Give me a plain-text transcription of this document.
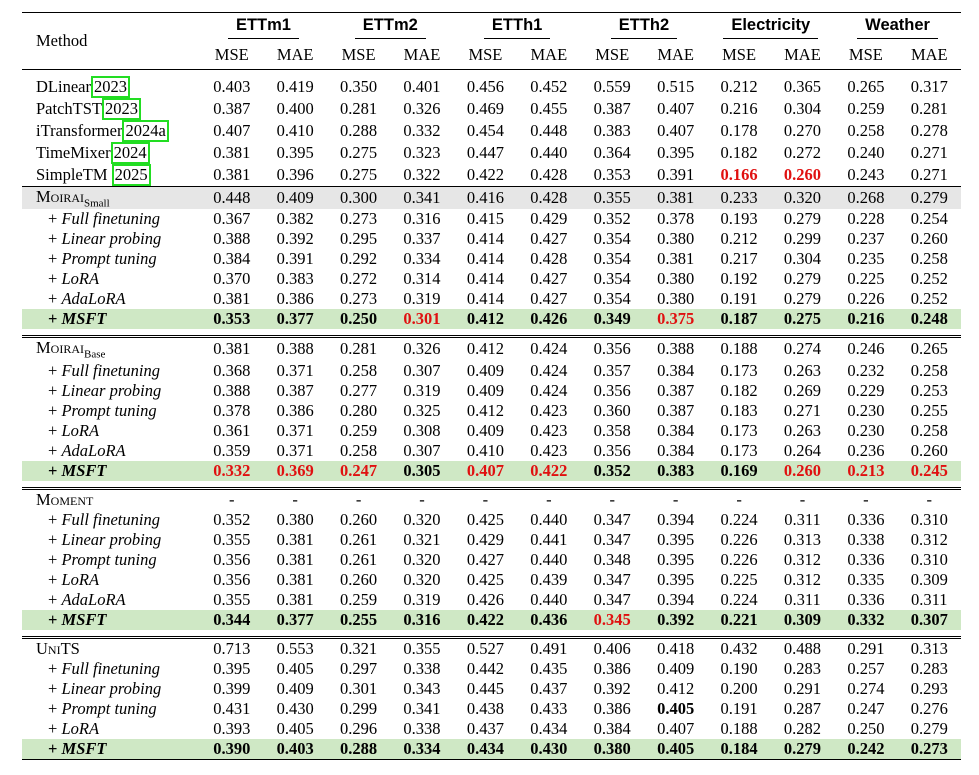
Method	ETTm1		ETTm2		ETTh1		ETTh2		Electricity		Weather	
	MSE	MAE	MSE	MAE	MSE	MAE	MSE	MAE	MSE	MAE	MSE	MAE

DLinear 2023	0.403	0.419	0.350	0.401	0.456	0.452	0.559	0.515	0.212	0.365	0.265	0.317
PatchTST 2023	0.387	0.400	0.281	0.326	0.469	0.455	0.387	0.407	0.216	0.304	0.259	0.281
iTransformer 2024a	0.407	0.410	0.288	0.332	0.454	0.448	0.383	0.407	0.178	0.270	0.258	0.278
TimeMixer 2024	0.381	0.395	0.275	0.323	0.447	0.440	0.364	0.395	0.182	0.272	0.240	0.271
SimpleTM 2025	0.381	0.396	0.275	0.322	0.422	0.428	0.353	0.391	0.166	0.260	0.243	0.271
Moirai$_{Small}$	0.448	0.409	0.300	0.341	0.416	0.428	0.355	0.381	0.233	0.320	0.268	0.279
+ Full finetuning	0.367	0.382	0.273	0.316	0.415	0.429	0.352	0.378	0.193	0.279	0.228	0.254
+ Linear probing	0.388	0.392	0.295	0.337	0.414	0.427	0.354	0.380	0.212	0.299	0.237	0.260
+ Prompt tuning	0.384	0.391	0.292	0.334	0.414	0.428	0.354	0.381	0.217	0.304	0.235	0.258
+ LoRA	0.370	0.383	0.272	0.314	0.414	0.427	0.354	0.380	0.192	0.279	0.225	0.252
+ AdaLoRA	0.381	0.386	0.273	0.319	0.414	0.427	0.354	0.380	0.191	0.279	0.226	0.252
+ MSFT	0.353	0.377	0.250	0.301	0.412	0.426	0.349	0.375	0.187	0.275	0.216	0.248

Moirai$_{Base}$	0.381	0.388	0.281	0.326	0.412	0.424	0.356	0.388	0.188	0.274	0.246	0.265
+ Full finetuning	0.368	0.371	0.258	0.307	0.409	0.424	0.357	0.384	0.173	0.263	0.232	0.258
+ Linear probing	0.388	0.387	0.277	0.319	0.409	0.424	0.356	0.387	0.182	0.269	0.229	0.253
+ Prompt tuning	0.378	0.386	0.280	0.325	0.412	0.423	0.360	0.387	0.183	0.271	0.230	0.255
+ LoRA	0.361	0.371	0.259	0.308	0.409	0.423	0.358	0.384	0.173	0.263	0.230	0.258
+ AdaLoRA	0.359	0.371	0.258	0.307	0.410	0.423	0.356	0.384	0.173	0.264	0.236	0.260
+ MSFT	0.332	0.369	0.247	0.305	0.407	0.422	0.352	0.383	0.169	0.260	0.213	0.245

Moment	-	-	-	-	-	-	-	-	-	-	-	-
+ Full finetuning	0.352	0.380	0.260	0.320	0.425	0.440	0.347	0.394	0.224	0.311	0.336	0.310
+ Linear probing	0.355	0.381	0.261	0.321	0.429	0.441	0.347	0.395	0.226	0.313	0.338	0.312
+ Prompt tuning	0.356	0.381	0.261	0.320	0.427	0.440	0.348	0.395	0.226	0.312	0.336	0.310
+ LoRA	0.356	0.381	0.260	0.320	0.425	0.439	0.347	0.395	0.225	0.312	0.335	0.309
+ AdaLoRA	0.355	0.381	0.259	0.319	0.426	0.440	0.347	0.394	0.224	0.311	0.336	0.311
+ MSFT	0.344	0.377	0.255	0.316	0.422	0.436	0.345	0.392	0.221	0.309	0.332	0.307

UniTS	0.713	0.553	0.321	0.355	0.527	0.491	0.406	0.418	0.432	0.488	0.291	0.313
+ Full finetuning	0.395	0.405	0.297	0.338	0.442	0.435	0.386	0.409	0.190	0.283	0.257	0.283
+ Linear probing	0.399	0.409	0.301	0.343	0.445	0.437	0.392	0.412	0.200	0.291	0.274	0.293
+ Prompt tuning	0.431	0.430	0.299	0.341	0.438	0.433	0.386	0.405	0.191	0.287	0.247	0.276
+ LoRA	0.393	0.405	0.296	0.338	0.437	0.434	0.384	0.407	0.188	0.282	0.250	0.279
+ MSFT	0.390	0.403	0.288	0.334	0.434	0.430	0.380	0.405	0.184	0.279	0.242	0.273
